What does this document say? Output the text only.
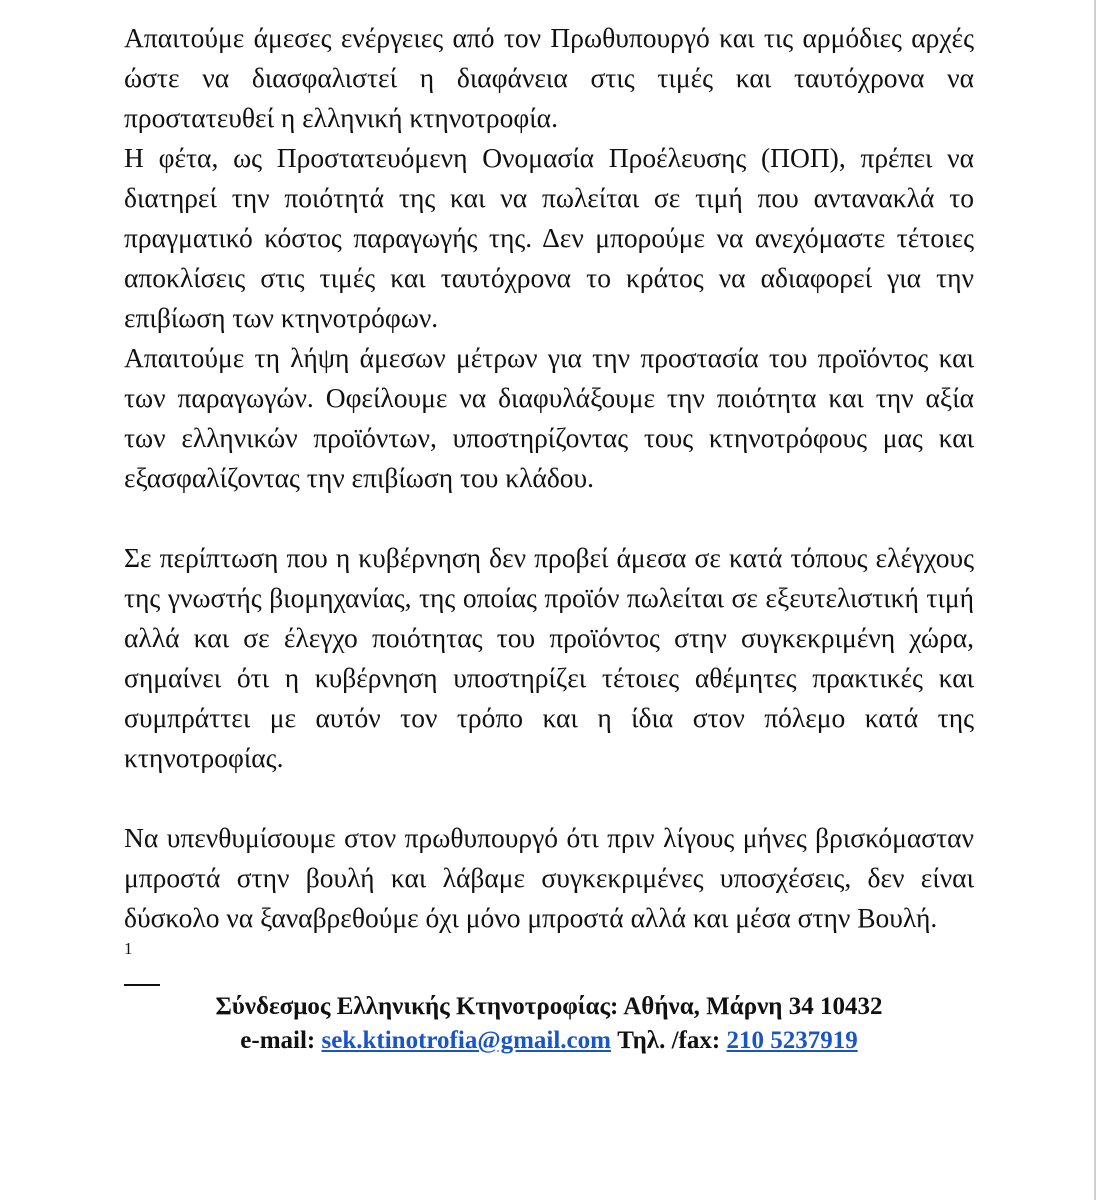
Απαιτούμε άμεσες ενέργειες από τον Πρωθυπουργό και τις αρμόδιες αρχές ώστε να διασφαλιστεί η διαφάνεια στις τιμές και ταυτόχρονα να προστατευθεί η ελληνική κτηνοτροφία.

Η φέτα, ως Προστατευόμενη Ονομασία Προέλευσης (ΠΟΠ), πρέπει να διατηρεί την ποιότητά της και να πωλείται σε τιμή που αντανακλά το πραγματικό κόστος παραγωγής της. Δεν μπορούμε να ανεχόμαστε τέτοιες αποκλίσεις στις τιμές και ταυτόχρονα το κράτος να αδιαφορεί για την επιβίωση των κτηνοτρόφων.

Απαιτούμε τη λήψη άμεσων μέτρων για την προστασία του προϊόντος και των παραγωγών. Οφείλουμε να διαφυλάξουμε την ποιότητα και την αξία των ελληνικών προϊόντων, υποστηρίζοντας τους κτηνοτρόφους μας και εξασφαλίζοντας την επιβίωση του κλάδου.

Σε περίπτωση που η κυβέρνηση δεν προβεί άμεσα σε κατά τόπους ελέγχους της γνωστής βιομηχανίας, της οποίας προϊόν πωλείται σε εξευτελιστική τιμή αλλά και σε έλεγχο ποιότητας του προϊόντος στην συγκεκριμένη χώρα, σημαίνει ότι η κυβέρνηση υποστηρίζει τέτοιες αθέμητες πρακτικές και συμπράττει με αυτόν τον τρόπο και η ίδια στον πόλεμο κατά της κτηνοτροφίας.

Να υπενθυμίσουμε στον πρωθυπουργό ότι πριν λίγους μήνες βρισκόμασταν μπροστά στην βουλή και λάβαμε συγκεκριμένες υποσχέσεις, δεν είναι δύσκολο να ξαναβρεθούμε όχι μόνο μπροστά αλλά και μέσα στην Βουλή.

1

Σύνδεσμος Ελληνικής Κτηνοτροφίας: Αθήνα, Μάρνη 34 10432
e-mail: sek.ktinotrofia@gmail.com Τηλ. /fax: 210 5237919
